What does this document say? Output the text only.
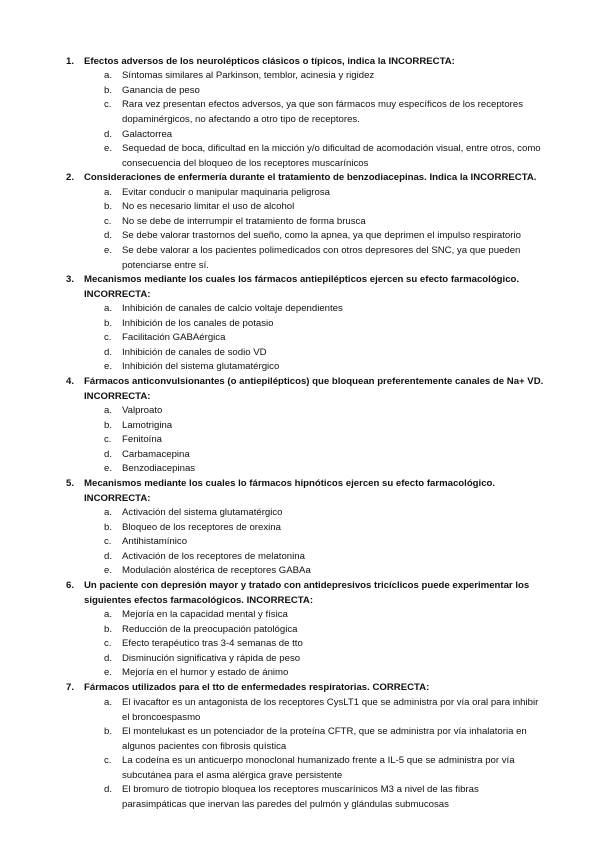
1. Efectos adversos de los neurolépticos clásicos o típicos, indica la INCORRECTA:
a. Síntomas similares al Parkinson, temblor, acinesia y rigidez
b. Ganancia de peso
c. Rara vez presentan efectos adversos, ya que son fármacos muy específicos de los receptores dopaminérgicos, no afectando a otro tipo de receptores.
d. Galactorrea
e. Sequedad de boca, dificultad en la micción y/o dificultad de acomodación visual, entre otros, como consecuencia del bloqueo de los receptores muscarínicos
2. Consideraciones de enfermería durante el tratamiento de benzodiacepinas. Indica la INCORRECTA.
a. Evitar conducir o manipular maquinaria peligrosa
b. No es necesario limitar el uso de alcohol
c. No se debe de interrumpir el tratamiento de forma brusca
d. Se debe valorar trastornos del sueño, como la apnea, ya que deprimen el impulso respiratorio
e. Se debe valorar a los pacientes polimedicados con otros depresores del SNC, ya que pueden potenciarse entre sí.
3. Mecanismos mediante los cuales los fármacos antiepilépticos ejercen su efecto farmacológico. INCORRECTA:
a. Inhibición de canales de calcio voltaje dependientes
b. Inhibición de los canales de potasio
c. Facilitación GABAérgica
d. Inhibición de canales de sodio VD
e. Inhibición del sistema glutamatérgico
4. Fármacos anticonvulsionantes (o antiepilépticos) que bloquean preferentemente canales de Na+ VD. INCORRECTA:
a. Valproato
b. Lamotrigina
c. Fenitoína
d. Carbamacepina
e. Benzodiacepinas
5. Mecanismos mediante los cuales lo fármacos hipnóticos ejercen su efecto farmacológico. INCORRECTA:
a. Activación del sistema glutamatérgico
b. Bloqueo de los receptores de orexina
c. Antihistamínico
d. Activación de los receptores de melatonina
e. Modulación alostérica de receptores GABAa
6. Un paciente con depresión mayor y tratado con antidepresivos tricíclicos puede experimentar los siguientes efectos farmacológicos. INCORRECTA:
a. Mejoría en la capacidad mental y física
b. Reducción de la preocupación patológica
c. Efecto terapéutico tras 3-4 semanas de tto
d. Disminución significativa y rápida de peso
e. Mejoría en el humor y estado de ánimo
7. Fármacos utilizados para el tto de enfermedades respiratorias. CORRECTA:
a. El ivacaftor es un antagonista de los receptores CysLT1 que se administra por vía oral para inhibir el broncoespasmo
b. El montelukast es un potenciador de la proteína CFTR, que se administra por vía inhalatoria en algunos pacientes con fibrosis quística
c. La codeína es un anticuerpo monoclonal humanizado frente a IL-5 que se administra por vía subcutánea para el asma alérgica grave persistente
d. El bromuro de tiotropio bloquea los receptores muscarínicos M3 a nivel de las fibras parasimpáticas que inervan las paredes del pulmón y glándulas submucosas
